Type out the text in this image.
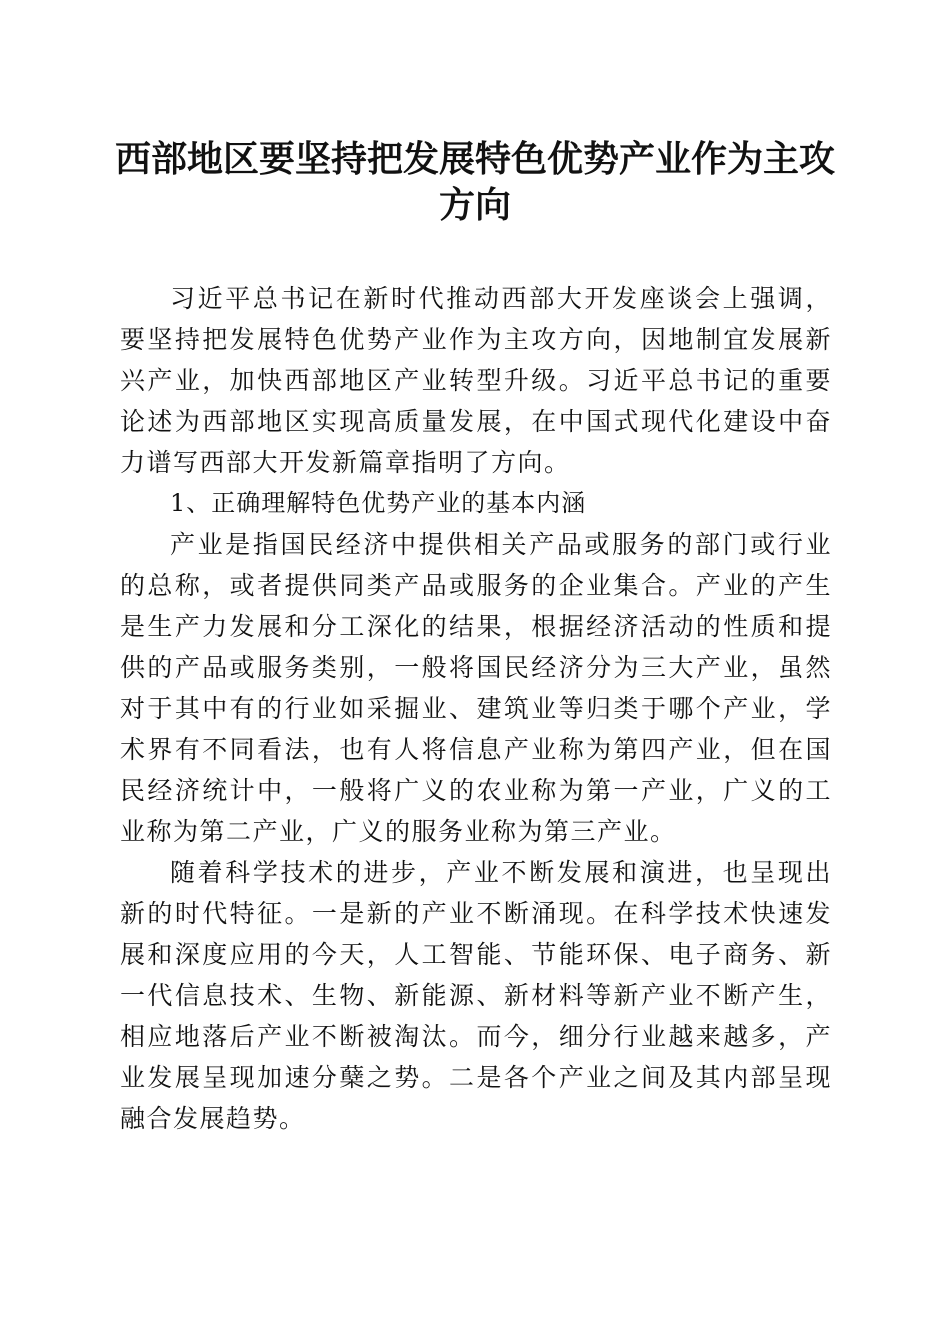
西部地区要坚持把发展特色优势产业作为主攻方向

习近平总书记在新时代推动西部大开发座谈会上强调，要坚持把发展特色优势产业作为主攻方向，因地制宜发展新兴产业，加快西部地区产业转型升级。习近平总书记的重要论述为西部地区实现高质量发展，在中国式现代化建设中奋力谱写西部大开发新篇章指明了方向。

1、正确理解特色优势产业的基本内涵

产业是指国民经济中提供相关产品或服务的部门或行业的总称，或者提供同类产品或服务的企业集合。产业的产生是生产力发展和分工深化的结果，根据经济活动的性质和提供的产品或服务类别，一般将国民经济分为三大产业，虽然对于其中有的行业如采掘业、建筑业等归类于哪个产业，学术界有不同看法，也有人将信息产业称为第四产业，但在国民经济统计中，一般将广义的农业称为第一产业，广义的工业称为第二产业，广义的服务业称为第三产业。

随着科学技术的进步，产业不断发展和演进，也呈现出新的时代特征。一是新的产业不断涌现。在科学技术快速发展和深度应用的今天，人工智能、节能环保、电子商务、新一代信息技术、生物、新能源、新材料等新产业不断产生，相应地落后产业不断被淘汰。而今，细分行业越来越多，产业发展呈现加速分蘖之势。二是各个产业之间及其内部呈现融合发展趋势。
